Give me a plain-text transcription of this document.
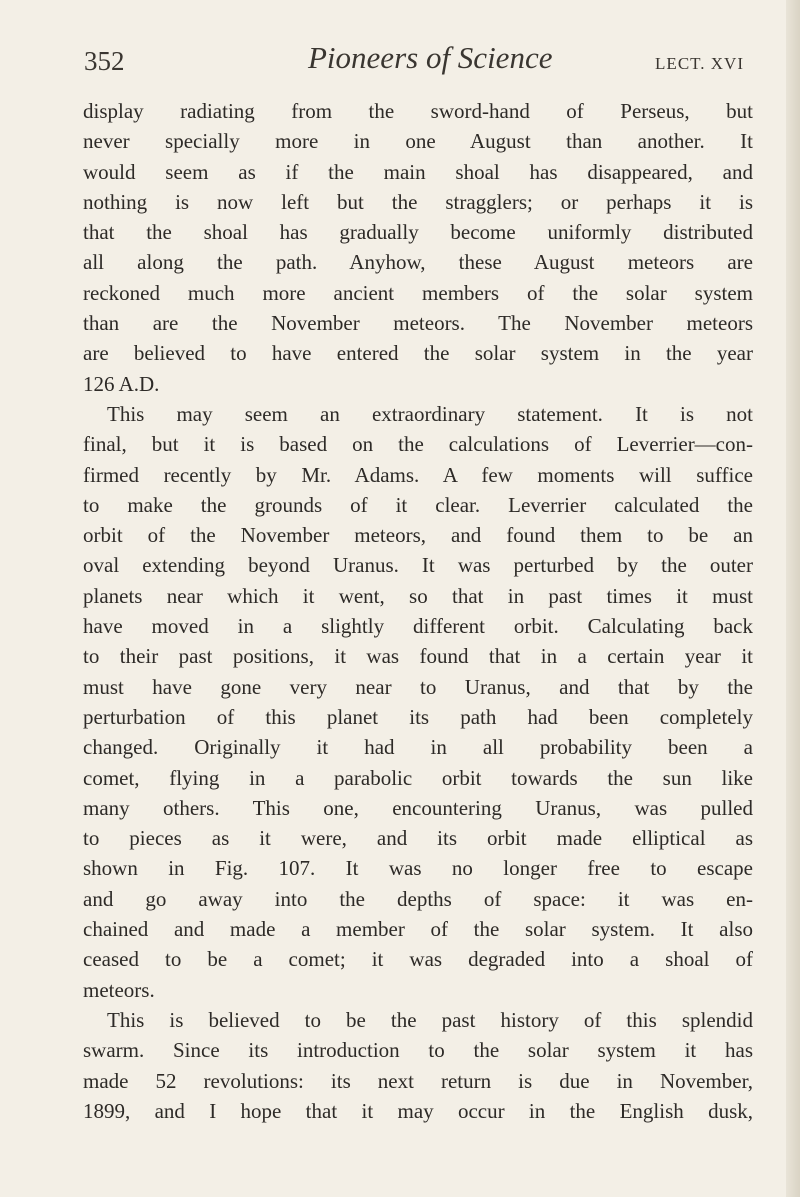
352	Pioneers of Science	LECT. XVI
display radiating from the sword-hand of Perseus, but
never specially more in one August than another. It
would seem as if the main shoal has disappeared, and
nothing is now left but the stragglers; or perhaps it is
that the shoal has gradually become uniformly distributed
all along the path. Anyhow, these August meteors are
reckoned much more ancient members of the solar system
than are the November meteors. The November meteors
are believed to have entered the solar system in the year
126 A.D.
This may seem an extraordinary statement. It is not
final, but it is based on the calculations of Leverrier—con-
firmed recently by Mr. Adams. A few moments will suffice
to make the grounds of it clear. Leverrier calculated the
orbit of the November meteors, and found them to be an
oval extending beyond Uranus. It was perturbed by the outer
planets near which it went, so that in past times it must
have moved in a slightly different orbit. Calculating back
to their past positions, it was found that in a certain year it
must have gone very near to Uranus, and that by the
perturbation of this planet its path had been completely
changed. Originally it had in all probability been a
comet, flying in a parabolic orbit towards the sun like
many others. This one, encountering Uranus, was pulled
to pieces as it were, and its orbit made elliptical as
shown in Fig. 107. It was no longer free to escape
and go away into the depths of space: it was en-
chained and made a member of the solar system. It also
ceased to be a comet; it was degraded into a shoal of
meteors.
This is believed to be the past history of this splendid
swarm. Since its introduction to the solar system it has
made 52 revolutions: its next return is due in November,
1899, and I hope that it may occur in the English dusk,
